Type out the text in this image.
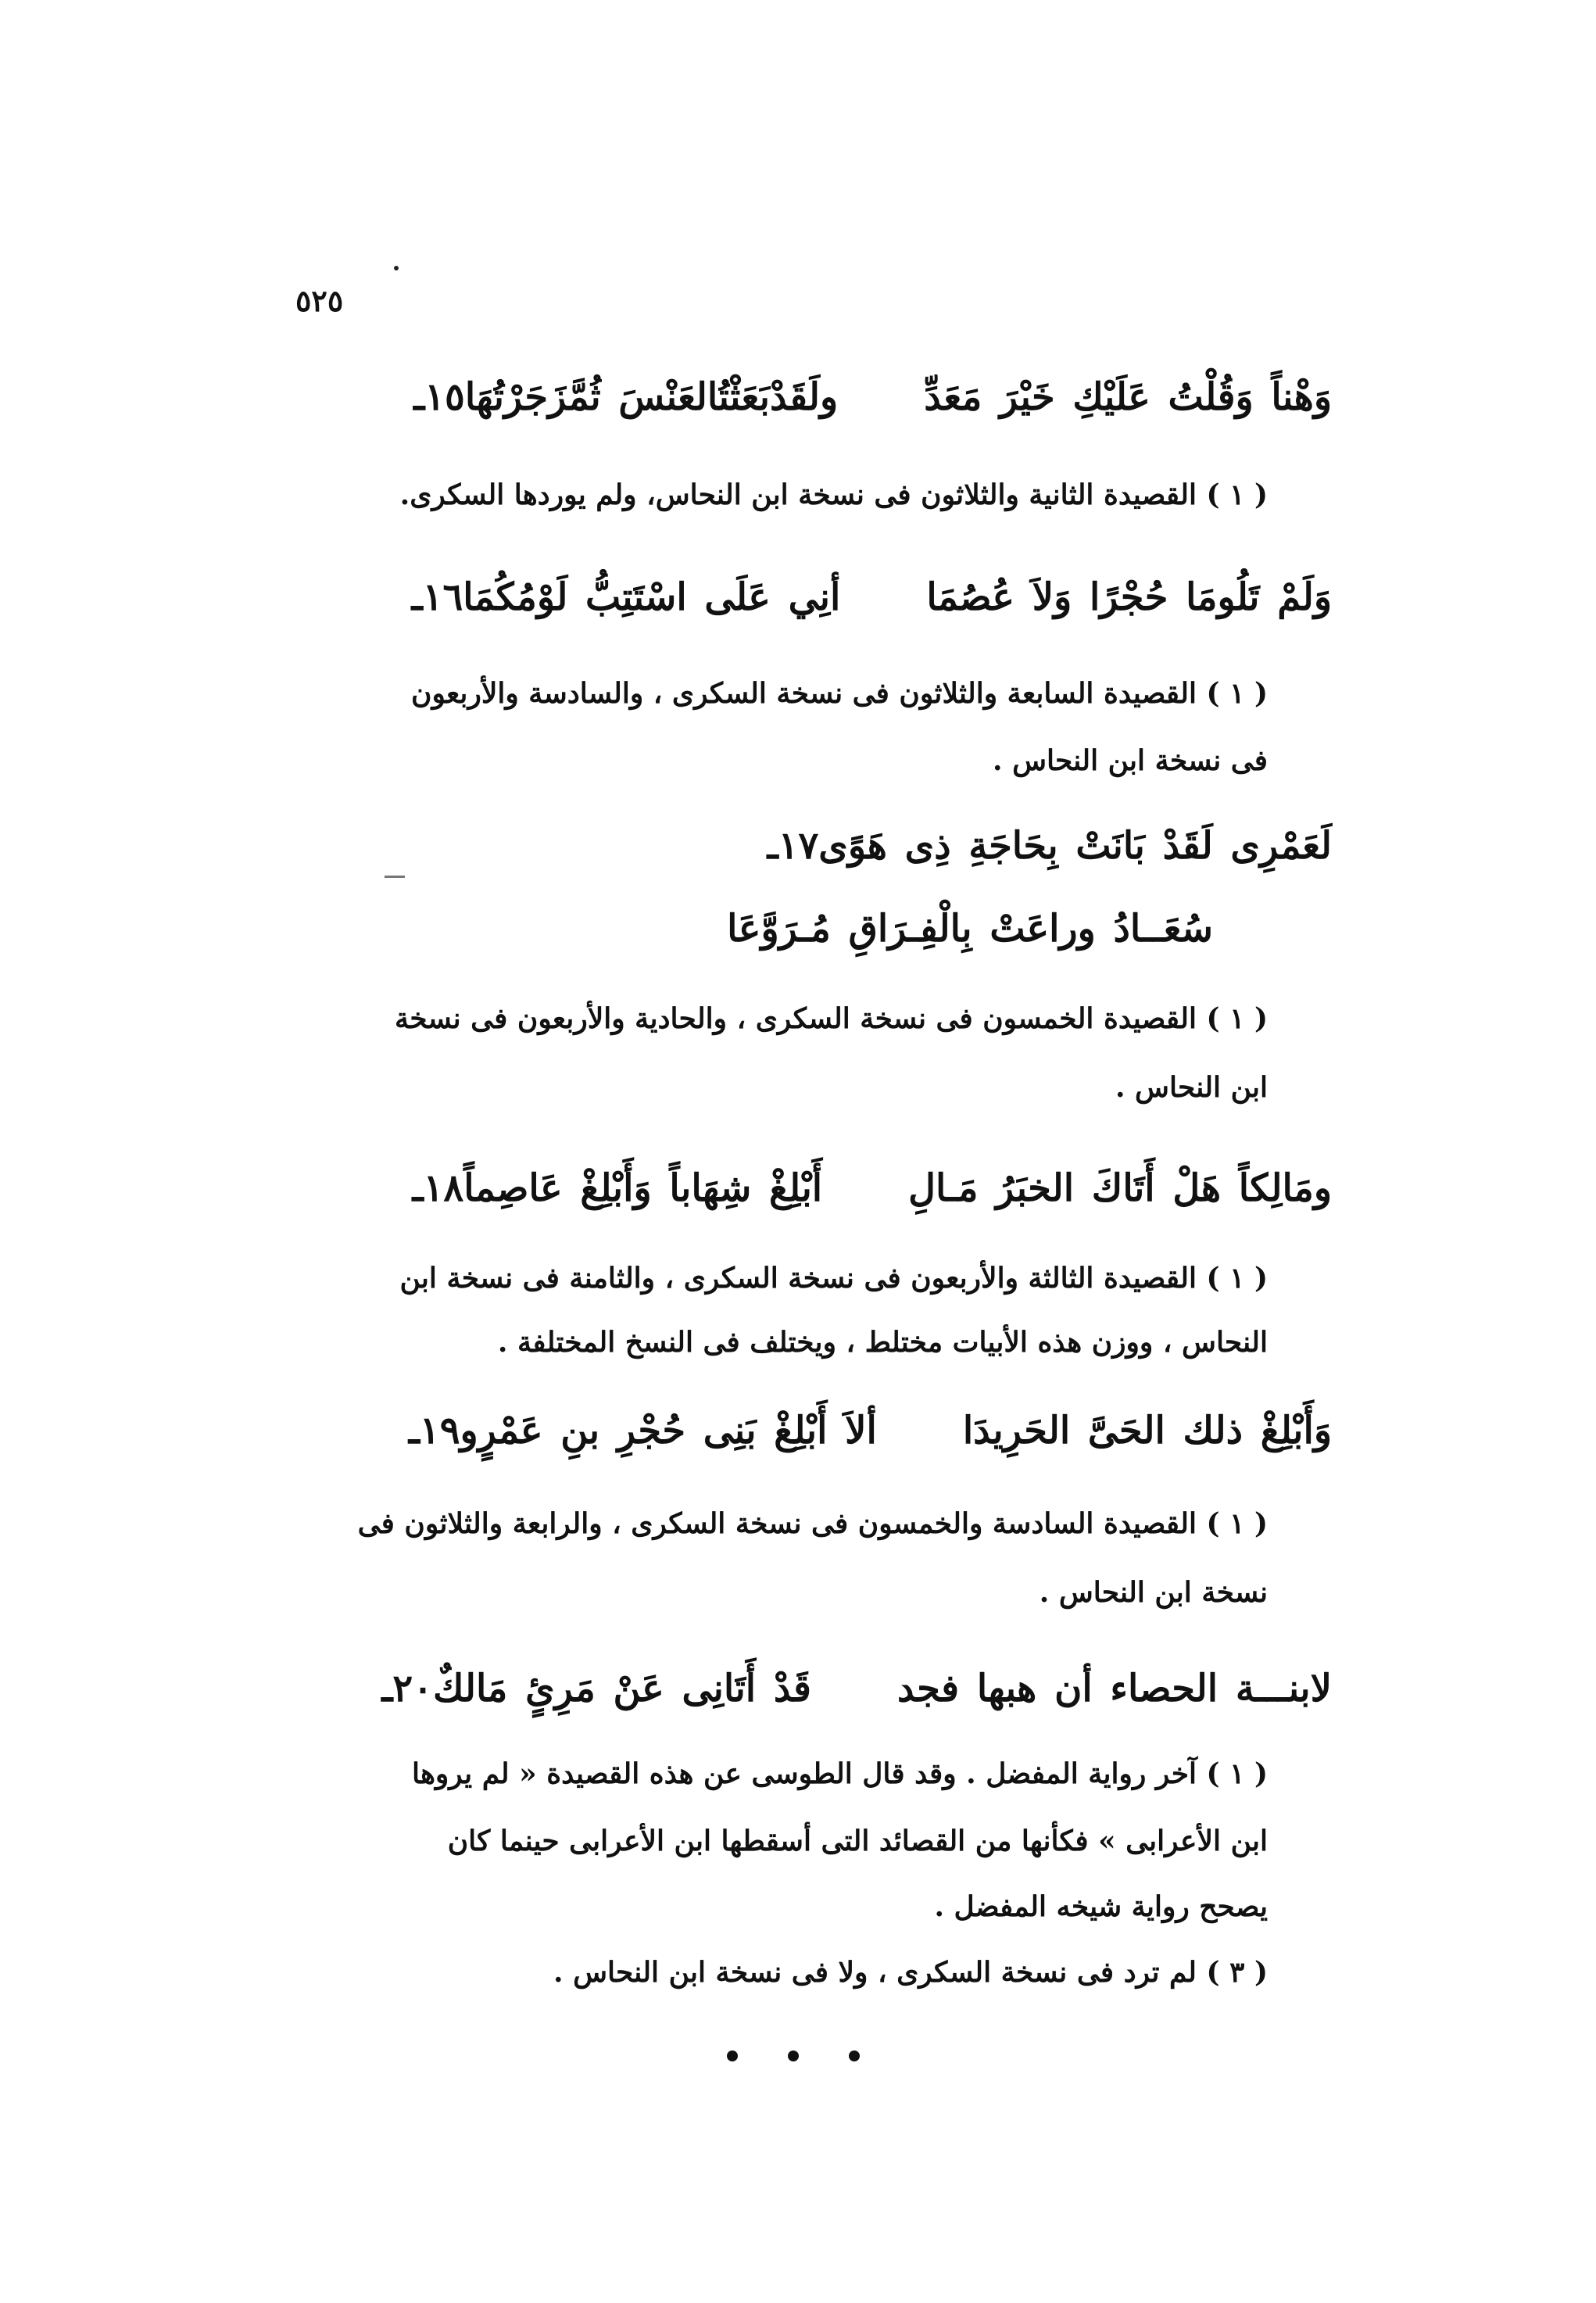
٥٢٥
١٥ـولَقَدْبَعَثْتُالعَنْسَ ثُمَّزَجَرْتُهَا وَهْناً وَقُلْتُ عَلَيْكِ خَيْرَ مَعَدِّ
( ١ ) القصيدة الثانية والثلاثون فى نسخة ابن النحاس، ولم يوردها السكرى.
١٦ـأنِي عَلَى اسْتَتِبُّ لَوْمُكُمَا وَلَمْ تَلُومَا حُجْرًا وَلاَ عُصُمَا
( ١ ) القصيدة السابعة والثلاثون فى نسخة السكرى ، والسادسة والأربعون
فى نسخة ابن النحاس .
١٧ـلَعَمْرِى لَقَدْ بَانَتْ بِحَاجَةِ ذِى هَوًى
سُعَــادُ وراعَتْ بِالْفِـرَاقِ مُـرَوَّعَا
( ١ ) القصيدة الخمسون فى نسخة السكرى ، والحادية والأربعون فى نسخة
ابن النحاس .
١٨ـأَبْلِغْ شِهَاباً وَأَبْلِغْ عَاصِماً ومَالِكاً هَلْ أَتَاكَ الخبَرُ مَـالِ
( ١ ) القصيدة الثالثة والأربعون فى نسخة السكرى ، والثامنة فى نسخة ابن
النحاس ، ووزن هذه الأبيات مختلط ، ويختلف فى النسخ المختلفة .
١٩ـألاَ أَبْلِغْ بَنِى حُجْرِ بنِ عَمْرٍو وَأَبْلِغْ ذلك الحَىَّ الحَرِيدَا
( ١ ) القصيدة السادسة والخمسون فى نسخة السكرى ، والرابعة والثلاثون فى
نسخة ابن النحاس .
٢٠ـقَدْ أَتَانِى عَنْ مَرِئٍ مَالكٌ لابنـــة الحصاء أن هبها فجد
( ١ ) آخر رواية المفضل . وقد قال الطوسى عن هذه القصيدة « لم يروها
ابن الأعرابى » فكأنها من القصائد التى أسقطها ابن الأعرابى حينما كان
يصحح رواية شيخه المفضل .
( ٣ ) لم ترد فى نسخة السكرى ، ولا فى نسخة ابن النحاس .
